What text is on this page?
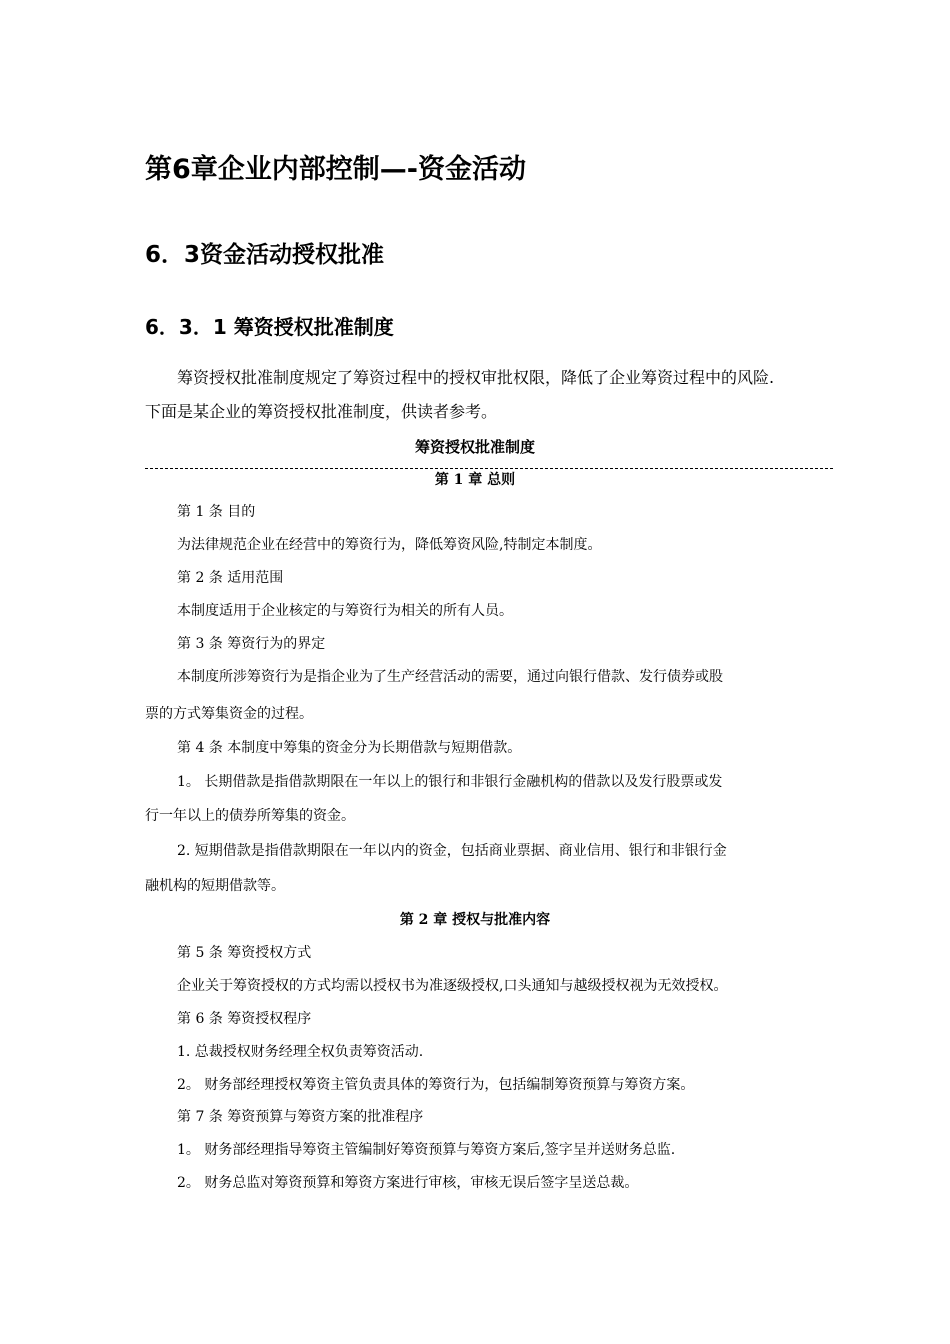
第6章企业内部控制—-资金活动
6．3资金活动授权批准
6．3．1 筹资授权批准制度
筹资授权批准制度规定了筹资过程中的授权审批权限，降低了企业筹资过程中的风险.
下面是某企业的筹资授权批准制度，供读者参考。
筹资授权批准制度
第 1 章 总则
第 1 条 目的
为法律规范企业在经营中的筹资行为，降低筹资风险,特制定本制度。
第 2 条 适用范围
本制度适用于企业核定的与筹资行为相关的所有人员。
第 3 条 筹资行为的界定
本制度所涉筹资行为是指企业为了生产经营活动的需要，通过向银行借款、发行债券或股
票的方式筹集资金的过程。
第 4 条 本制度中筹集的资金分为长期借款与短期借款。
1。 长期借款是指借款期限在一年以上的银行和非银行金融机构的借款以及发行股票或发
行一年以上的债券所筹集的资金。
2. 短期借款是指借款期限在一年以内的资金，包括商业票据、商业信用、银行和非银行金
融机构的短期借款等。
第 2 章 授权与批准内容
第 5 条 筹资授权方式
企业关于筹资授权的方式均需以授权书为准逐级授权,口头通知与越级授权视为无效授权。
第 6 条 筹资授权程序
1. 总裁授权财务经理全权负责筹资活动.
2。 财务部经理授权筹资主管负责具体的筹资行为，包括编制筹资预算与筹资方案。
第 7 条 筹资预算与筹资方案的批准程序
1。 财务部经理指导筹资主管编制好筹资预算与筹资方案后,签字呈并送财务总监.
2。 财务总监对筹资预算和筹资方案进行审核，审核无误后签字呈送总裁。
